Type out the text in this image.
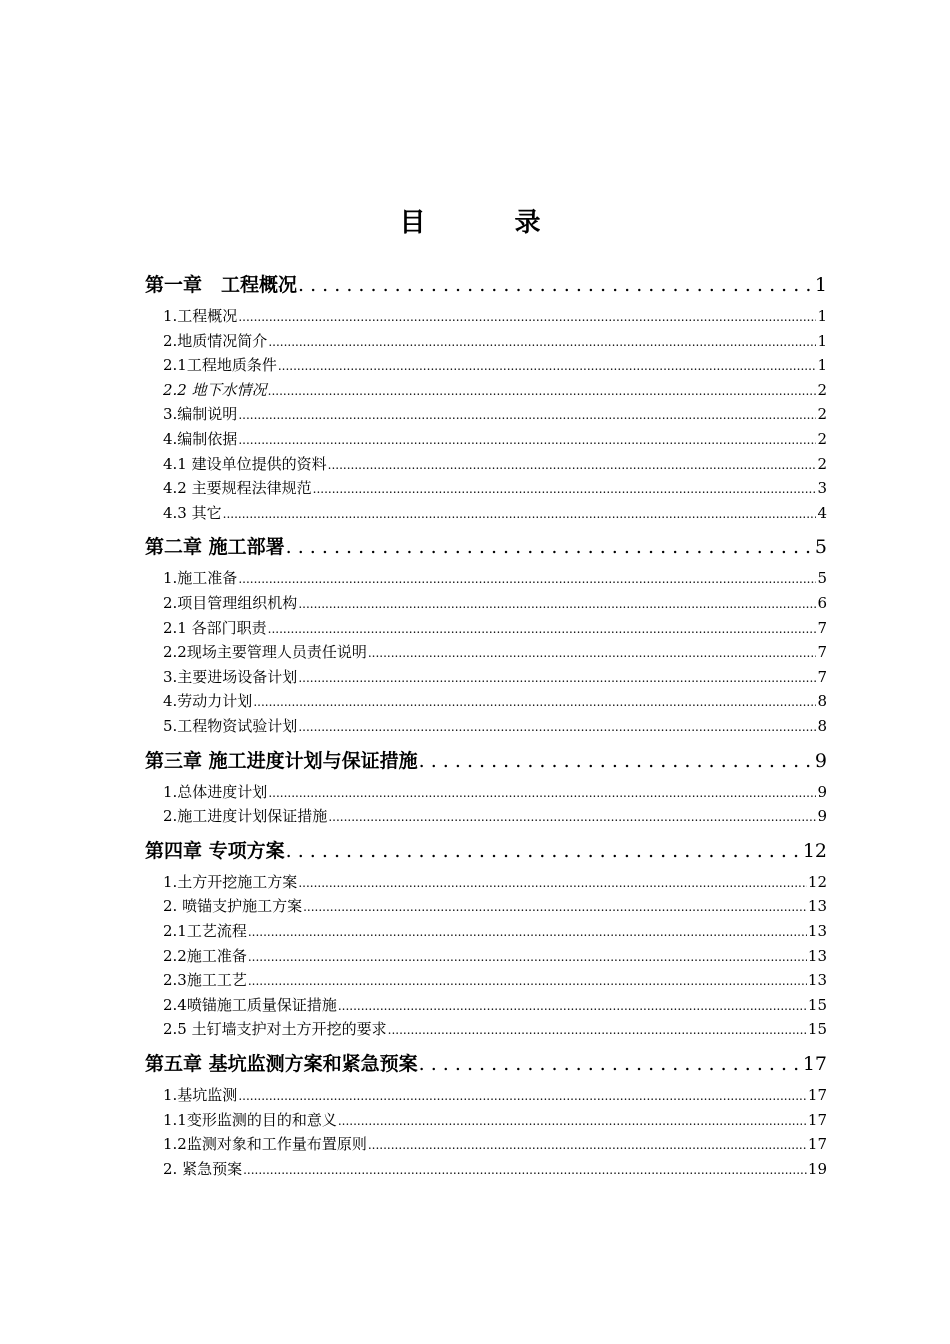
目 录
第一章　工程概况 . . .	1
1.工程概况 .....	1
2.地质情况简介 .....	1
2.1工程地质条件 .....	1
2.2 地下水情况 .....	2
3.编制说明 .....	2
4.编制依据 .....	2
4.1 建设单位提供的资料 .....	2
4.2 主要规程法律规范 .....	3
4.3 其它 .....	4
第二章 施工部署 . . .	5
1.施工准备 .....	5
2.项目管理组织机构 .....	6
2.1 各部门职责 .....	7
2.2现场主要管理人员责任说明 .....	7
3.主要进场设备计划 .....	7
4.劳动力计划 .....	8
5.工程物资试验计划 .....	8
第三章 施工进度计划与保证措施 . . .	9
1.总体进度计划 .....	9
2.施工进度计划保证措施 .....	9
第四章 专项方案 . . .	12
1.土方开挖施工方案 .....	12
2. 喷锚支护施工方案 .....	13
2.1工艺流程 .....	13
2.2施工准备 .....	13
2.3施工工艺 .....	13
2.4喷锚施工质量保证措施 .....	15
2.5 土钉墙支护对土方开挖的要求 .....	15
第五章 基坑监测方案和紧急预案 . . .	17
1.基坑监测 .....	17
1.1变形监测的目的和意义 .....	17
1.2监测对象和工作量布置原则 .....	17
2. 紧急预案 .....	19
